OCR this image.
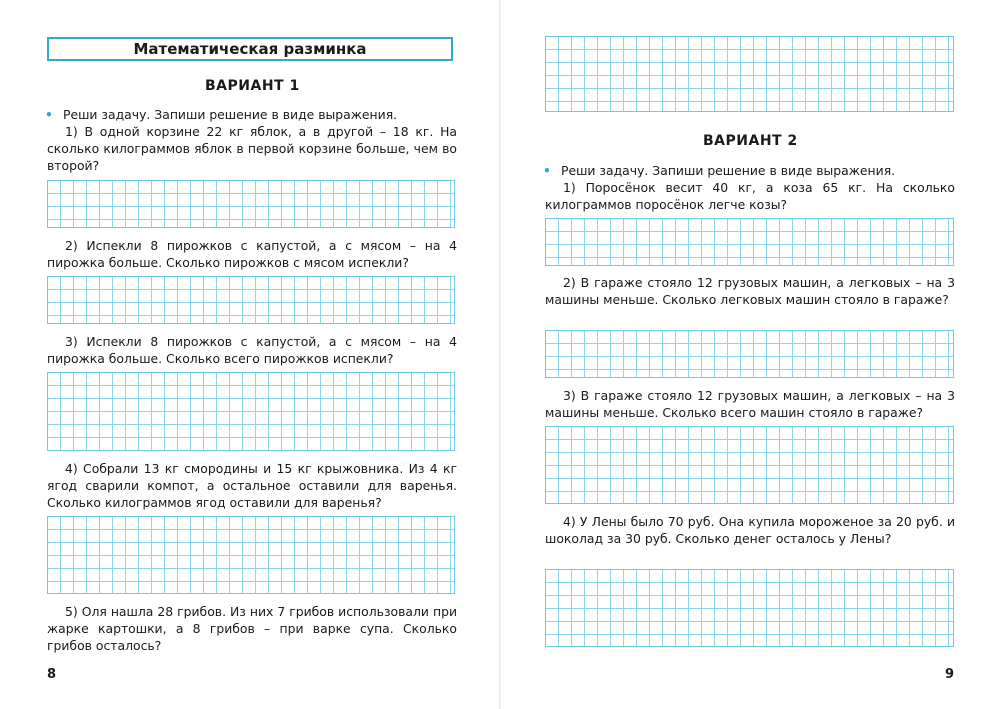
Математическая разминка
ВАРИАНТ 1

• Реши задачу. Запиши решение в виде выражения.

1) В одной корзине 22 кг яблок, а в другой – 18 кг. На сколько килограммов яблок в первой корзине больше, чем во второй?

2) Испекли 8 пирожков с капустой, а с мясом – на 4 пирожка больше. Сколько пирожков с мясом испекли?

3) Испекли 8 пирожков с капустой, а с мясом – на 4 пирожка больше. Сколько всего пирожков испекли?

4) Собрали 13 кг смородины и 15 кг крыжовника. Из 4 кг ягод сварили компот, а остальное оставили для варенья. Сколько килограммов ягод оставили для варенья?

5) Оля нашла 28 грибов. Из них 7 грибов использовали при жарке картошки, а 8 грибов – при варке супа. Сколько грибов осталось?

8
ВАРИАНТ 2

• Реши задачу. Запиши решение в виде выражения.

1) Поросёнок весит 40 кг, а коза 65 кг. На сколько килограммов поросёнок легче козы?

2) В гараже стояло 12 грузовых машин, а легковых – на 3 машины меньше. Сколько легковых машин стояло в гараже?

3) В гараже стояло 12 грузовых машин, а легковых – на 3 машины меньше. Сколько всего машин стояло в гараже?

4) У Лены было 70 руб. Она купила мороженое за 20 руб. и шоколад за 30 руб. Сколько денег осталось у Лены?

9
